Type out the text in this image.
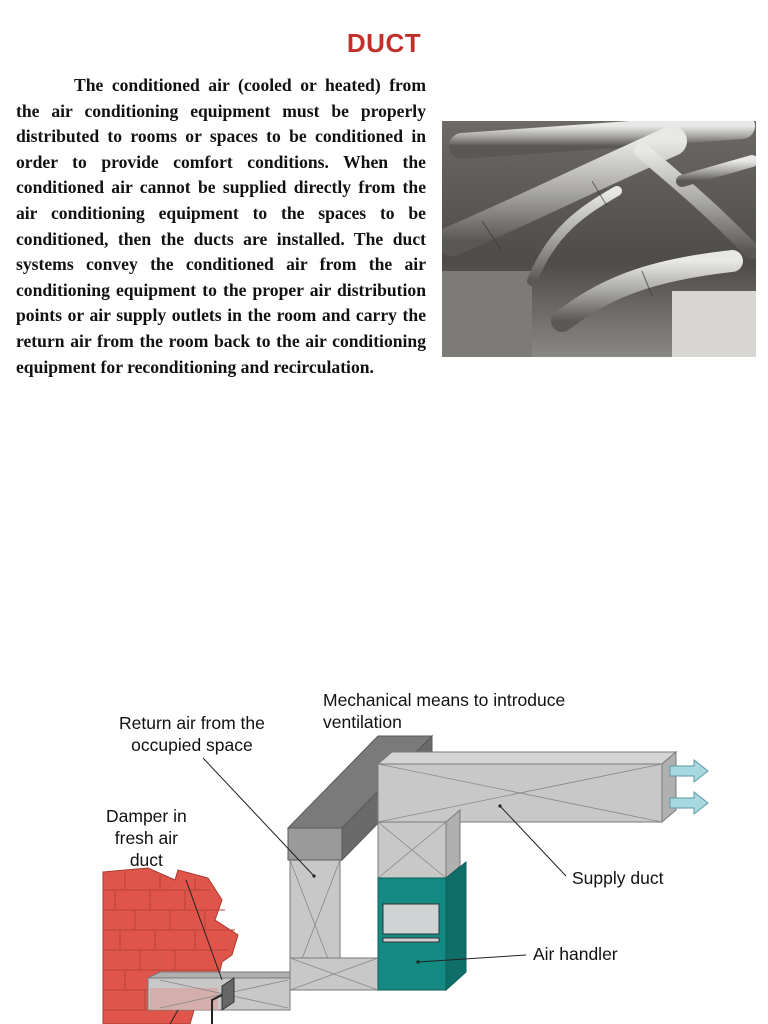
DUCT

The conditioned air (cooled or heated) from the air conditioning equipment must be properly distributed to rooms or spaces to be conditioned in order to provide comfort conditions. When the conditioned air cannot be supplied directly from the air conditioning equipment to the spaces to be conditioned, then the ducts are installed. The duct systems convey the conditioned air from the air conditioning equipment to the proper air distribution points or air supply outlets in the room and carry the return air from the room back to the air conditioning equipment for reconditioning and recirculation.

Mechanical means to introduce
ventilation
Return air from the
occupied space
Damper in
fresh air
duct
Supply duct
Air handler
